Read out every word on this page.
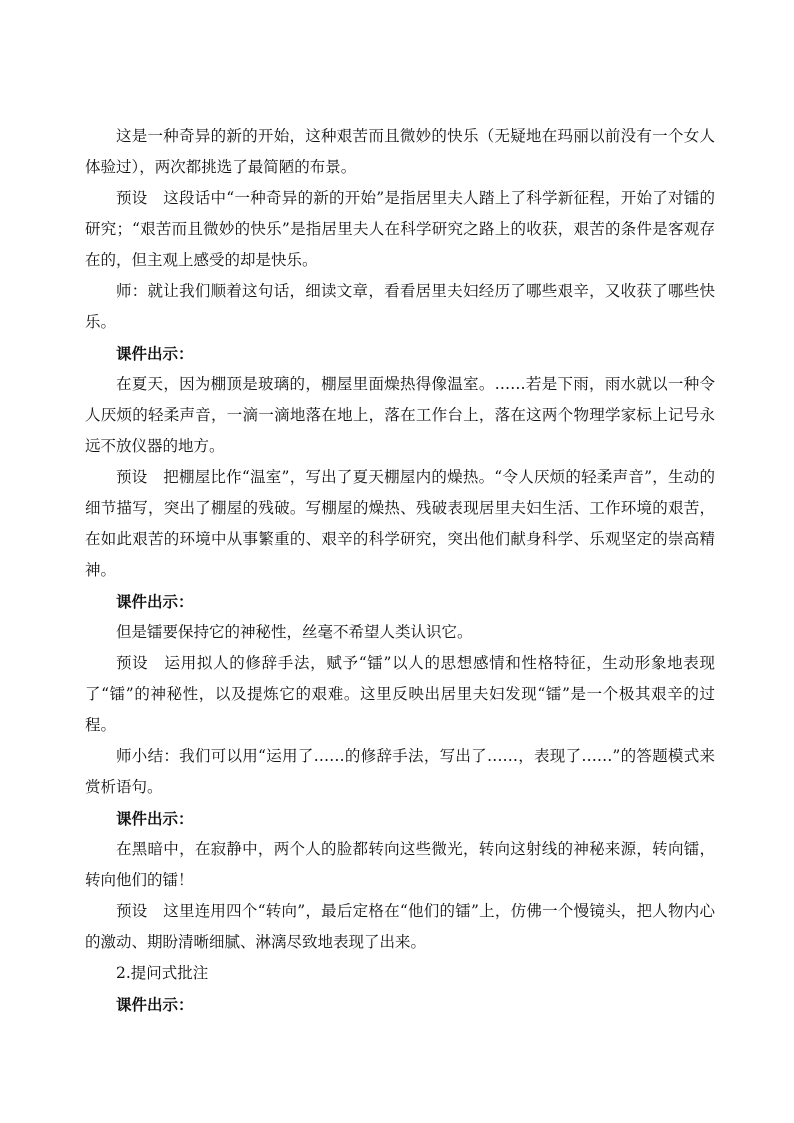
这是一种奇异的新的开始，这种艰苦而且微妙的快乐（无疑地在玛丽以前没有一个女人体验过），两次都挑选了最简陋的布景。

预设　这段话中“一种奇异的新的开始”是指居里夫人踏上了科学新征程，开始了对镭的研究；“艰苦而且微妙的快乐”是指居里夫人在科学研究之路上的收获，艰苦的条件是客观存在的，但主观上感受的却是快乐。

师：就让我们顺着这句话，细读文章，看看居里夫妇经历了哪些艰辛，又收获了哪些快乐。

课件出示：

在夏天，因为棚顶是玻璃的，棚屋里面燥热得像温室。……若是下雨，雨水就以一种令人厌烦的轻柔声音，一滴一滴地落在地上，落在工作台上，落在这两个物理学家标上记号永远不放仪器的地方。

预设　把棚屋比作“温室”，写出了夏天棚屋内的燥热。“令人厌烦的轻柔声音”，生动的细节描写，突出了棚屋的残破。写棚屋的燥热、残破表现居里夫妇生活、工作环境的艰苦，在如此艰苦的环境中从事繁重的、艰辛的科学研究，突出他们献身科学、乐观坚定的崇高精神。

课件出示：

但是镭要保持它的神秘性，丝毫不希望人类认识它。

预设　运用拟人的修辞手法，赋予“镭”以人的思想感情和性格特征，生动形象地表现了“镭”的神秘性，以及提炼它的艰难。这里反映出居里夫妇发现“镭”是一个极其艰辛的过程。

师小结：我们可以用“运用了……的修辞手法，写出了……，表现了……”的答题模式来赏析语句。

课件出示：

在黑暗中，在寂静中，两个人的脸都转向这些微光，转向这射线的神秘来源，转向镭，转向他们的镭！

预设　这里连用四个“转向”，最后定格在“他们的镭”上，仿佛一个慢镜头，把人物内心的激动、期盼清晰细腻、淋漓尽致地表现了出来。

2.提问式批注

课件出示：
